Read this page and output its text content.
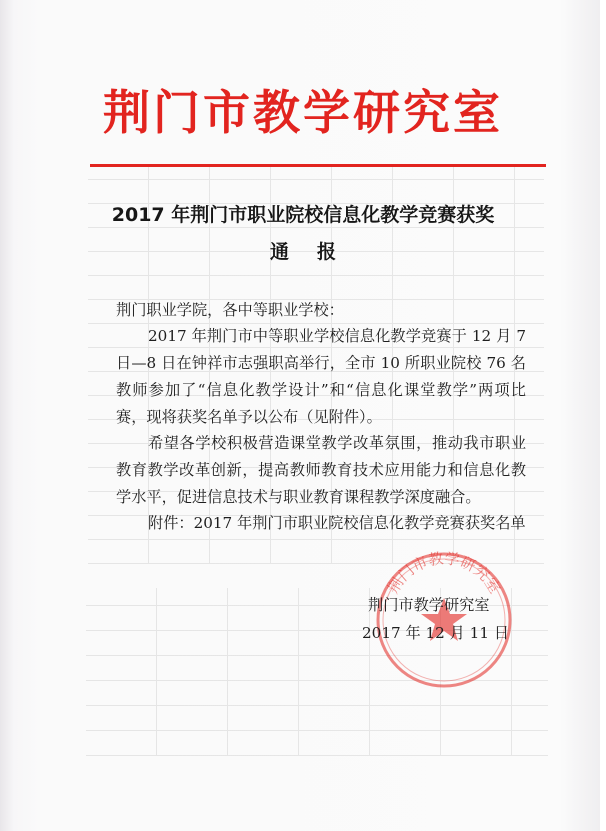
荆门市教学研究室
2017 年荆门市职业院校信息化教学竞赛获奖
通报
荆门职业学院，各中等职业学校：
2017 年荆门市中等职业学校信息化教学竞赛于 12 月 7 日—8 日在钟祥市志强职高举行，全市 10 所职业院校 76 名教师参加了“信息化教学设计”和“信息化课堂教学”两项比赛，现将获奖名单予以公布（见附件）。
希望各学校积极营造课堂教学改革氛围，推动我市职业教育教学改革创新，提高教师教育技术应用能力和信息化教学水平，促进信息技术与职业教育课程教学深度融合。
附件：2017 年荆门市职业院校信息化教学竞赛获奖名单
荆门市教学研究室
荆门市教学研究室
2017 年 12 月 11 日
